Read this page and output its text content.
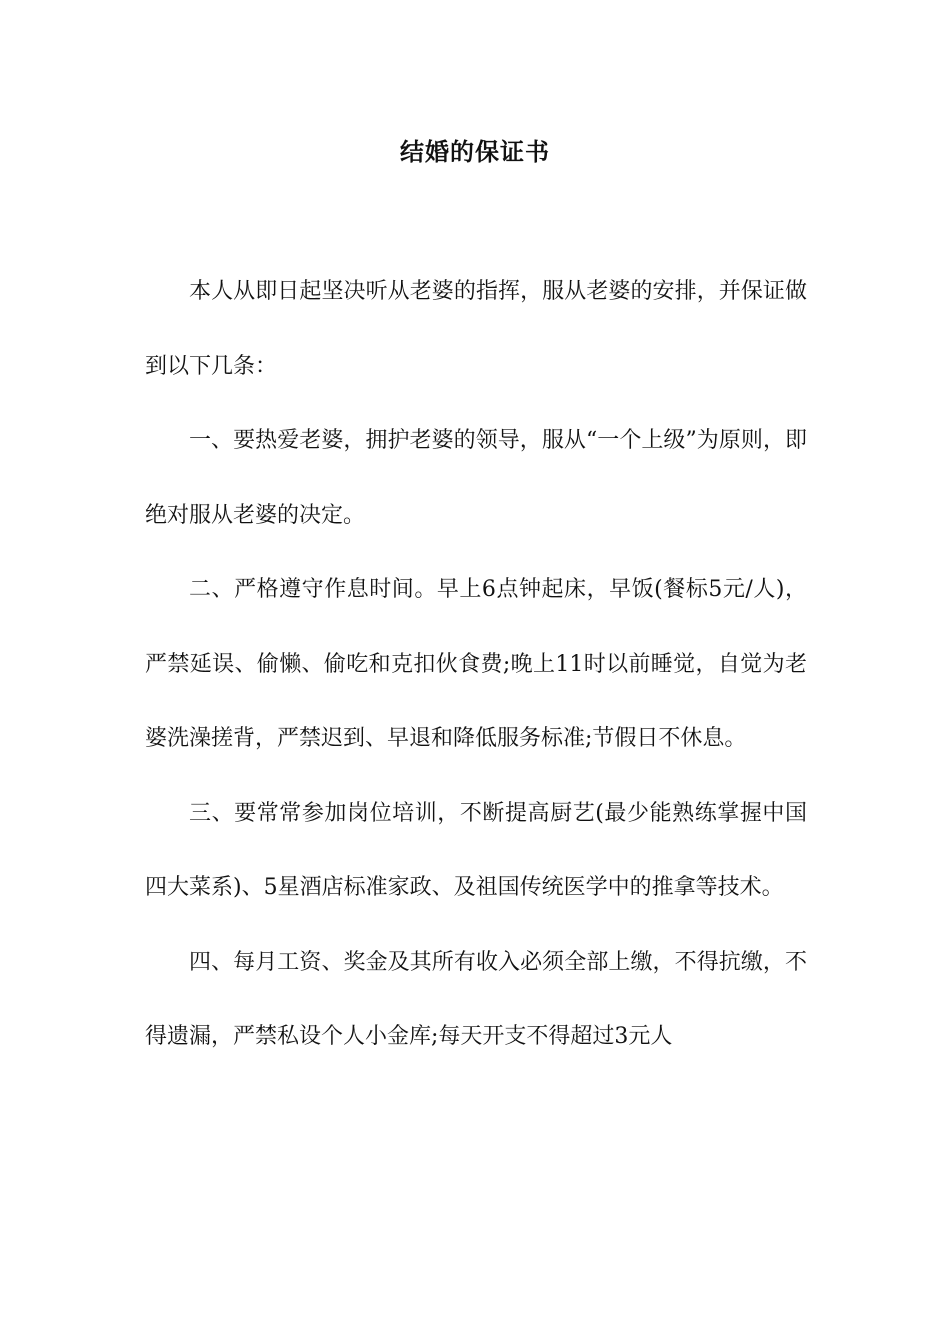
结婚的保证书

本人从即日起坚决听从老婆的指挥，服从老婆的安排，并保证做到以下几条：

一、要热爱老婆，拥护老婆的领导，服从“一个上级”为原则，即绝对服从老婆的决定。

二、严格遵守作息时间。早上6点钟起床，早饭(餐标5元/人)，严禁延误、偷懒、偷吃和克扣伙食费;晚上11时以前睡觉，自觉为老婆洗澡搓背，严禁迟到、早退和降低服务标准;节假日不休息。

三、要常常参加岗位培训，不断提高厨艺(最少能熟练掌握中国四大菜系)、5星酒店标准家政、及祖国传统医学中的推拿等技术。

四、每月工资、奖金及其所有收入必须全部上缴，不得抗缴，不得遗漏，严禁私设个人小金库;每天开支不得超过3元人
